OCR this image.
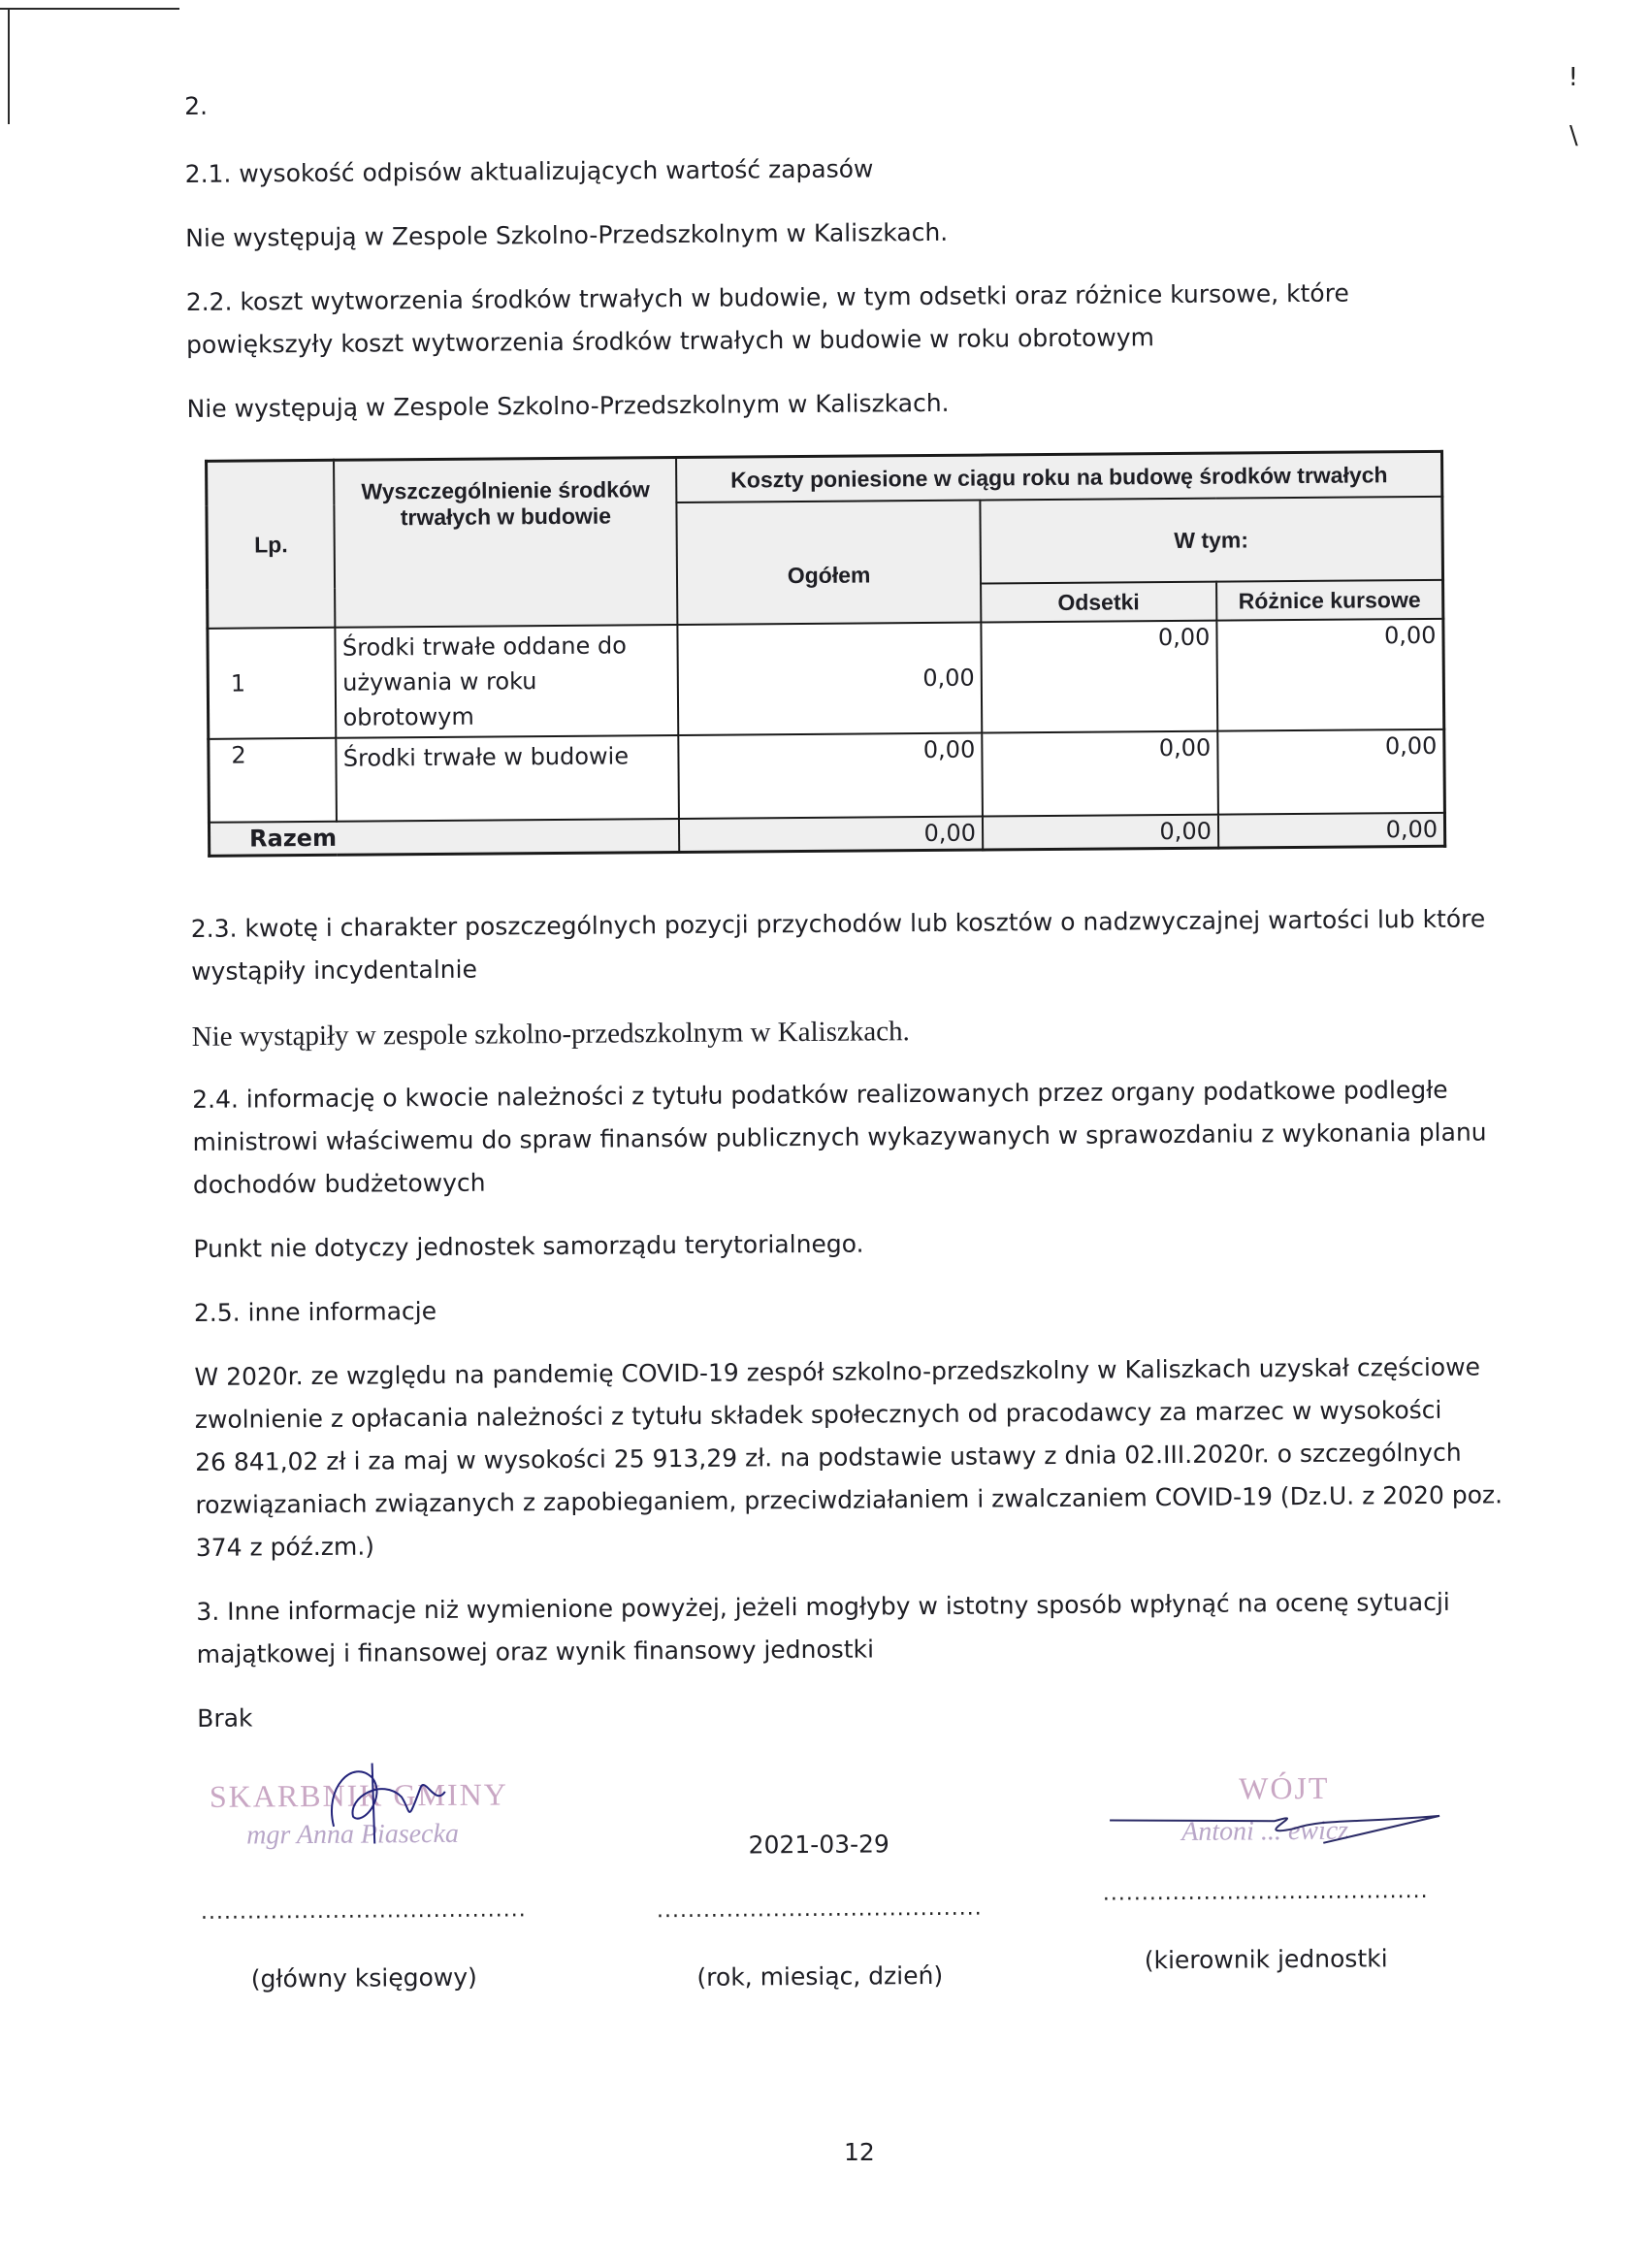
ǃ
\

2.

2.1. wysokość odpisów aktualizujących wartość zapasów

Nie występują w Zespole Szkolno-Przedszkolnym w Kaliszkach.

2.2. koszt wytworzenia środków trwałych w budowie, w tym odsetki oraz różnice kursowe, które

powiększyły koszt wytworzenia środków trwałych w budowie w roku obrotowym

Nie występują w Zespole Szkolno-Przedszkolnym w Kaliszkach.

Lp.	Wyszczególnienie środków trwałych w budowie	Koszty poniesione w ciągu roku na budowę środków trwałych		
		Ogółem	W tym:	
			Odsetki	Różnice kursowe
1	Środki trwałe oddane do
używania w roku obrotowym	0,00	0,00	0,00
2	Środki trwałe w budowie	0,00	0,00	0,00
Razem		0,00	0,00	0,00

2.3. kwotę i charakter poszczególnych pozycji przychodów lub kosztów o nadzwyczajnej wartości lub które

wystąpiły incydentalnie

Nie wystąpiły w zespole szkolno-przedszkolnym w Kaliszkach.

2.4. informację o kwocie należności z tytułu podatków realizowanych przez organy podatkowe podległe

ministrowi właściwemu do spraw finansów publicznych wykazywanych w sprawozdaniu z wykonania planu

dochodów budżetowych

Punkt nie dotyczy jednostek samorządu terytorialnego.

2.5. inne informacje

W 2020r. ze względu na pandemię COVID-19 zespół szkolno-przedszkolny w Kaliszkach uzyskał częściowe

zwolnienie z opłacania należności z tytułu składek społecznych od pracodawcy za marzec w wysokości

26 841,02 zł i za maj w wysokości 25 913,29 zł. na podstawie ustawy z dnia 02.III.2020r. o szczególnych

rozwiązaniach związanych z zapobieganiem, przeciwdziałaniem i zwalczaniem COVID-19 (Dz.U. z 2020 poz.

374 z póź.zm.)

3. Inne informacje niż wymienione powyżej, jeżeli mogłyby w istotny sposób wpłynąć na ocenę sytuacji

majątkowej i finansowej oraz wynik finansowy jednostki

Brak

SKARBNIK GMINY
mgr Anna Piasecka
..........................................
(główny księgowy)
2021-03-29
..........................................
(rok, miesiąc, dzień)
WÓJT
Antoni ... ewicz
..........................................
(kierownik jednostki
12
